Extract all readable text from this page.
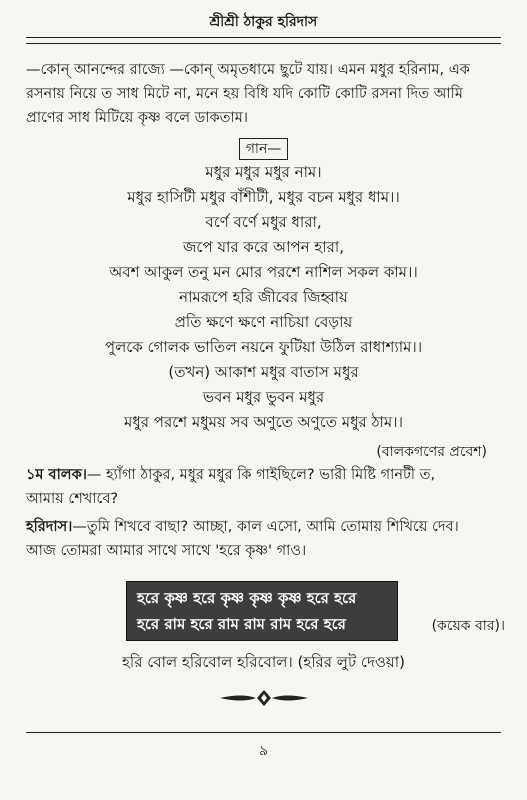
শ্রীশ্রী ঠাকুর হরিদাস
—কোন্ আনন্দের রাজ্যে —কোন্ অমৃতধামে ছুটে যায়। এমন মধুর হরিনাম, এক
রসনায় নিয়ে ত সাধ মিটে না, মনে হয় বিধি যদি কোটি কোটি রসনা দিত আমি
প্রাণের সাধ মিটিয়ে কৃষ্ণ বলে ডাকতাম।
গান—
মধুর মধুর মধুর নাম।
মধুর হাসিটী মধুর বাঁশীটী, মধুর বচন মধুর ধাম।।
বর্ণে বর্ণে মধুর ধারা,
জপে যার করে আপন হারা,
অবশ আকুল তনু মন মোর পরশে নাশিল সকল কাম।।
নামরূপে হরি জীবের জিহ্বায়
প্রতি ক্ষণে ক্ষণে নাচিয়া বেড়ায়
পুলকে গোলক ভাতিল নয়নে ফুটিয়া উঠিল রাধাশ্যাম।।
(তখন) আকাশ মধুর বাতাস মধুর
ভবন মধুর ভুবন মধুর
মধুর পরশে মধুময় সব অণুতে অণুতে মধুর ঠাম।।
(বালকগণের প্রবেশ)
১ম বালক।— হ্যাঁগা ঠাকুর, মধুর মধুর কি গাইছিলে? ভারী মিষ্টি গানটী ত,
আমায় শেখাবে?
হরিদাস।—তুমি শিখবে বাছা? আচ্ছা, কাল এসো, আমি তোমায় শিখিয়ে দেব।
আজ তোমরা আমার সাথে সাথে 'হরে কৃষ্ণ' গাও।
হরে কৃষ্ণ হরে কৃষ্ণ কৃষ্ণ কৃষ্ণ হরে হরে
হরে রাম হরে রাম রাম রাম হরে হরে	(কয়েক বার)।
হরি বোল হরিবোল হরিবোল। (হরির লুট দেওয়া)
৯
